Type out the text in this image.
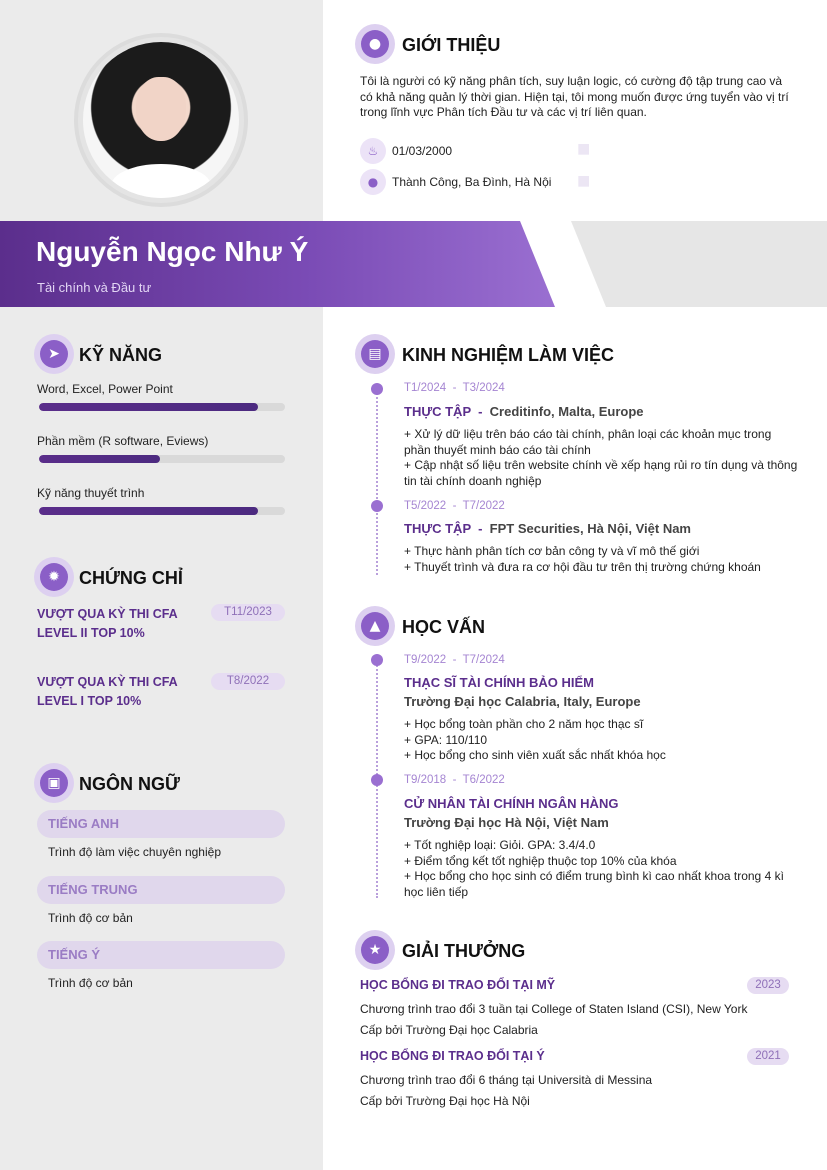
Nguyễn Ngọc Như Ý
Tài chính và Đầu tư
●	GIỚI THIỆU
Tôi là người có kỹ năng phân tích, suy luận logic, có cường độ tập trung cao và có khả năng quản lý thời gian. Hiện tại, tôi mong muốn được ứng tuyển vào vị trí trong lĩnh vực Phân tích Đầu tư và các vị trí liên quan.
♨	01/03/2000
●	Thành Công, Ba Đình, Hà Nội
■
■
➤	KỸ NĂNG
Word, Excel, Power Point
Phần mềm (R software, Eviews)
Kỹ năng thuyết trình
✹	CHỨNG CHỈ
VƯỢT QUA KỲ THI CFA LEVEL II TOP 10%
T11/2023
VƯỢT QUA KỲ THI CFA LEVEL I TOP 10%
T8/2022
▣	NGÔN NGỮ
TIẾNG ANH
Trình độ làm việc chuyên nghiệp
TIẾNG TRUNG
Trình độ cơ bản
TIẾNG Ý
Trình độ cơ bản
▤	KINH NGHIỆM LÀM VIỆC
T1/2024  -  T3/2024
THỰC TẬP  -  Creditinfo, Malta, Europe
+ Xử lý dữ liệu trên báo cáo tài chính, phân loại các khoản mục trong phần thuyết minh báo cáo tài chính
+ Cập nhật số liệu trên website chính về xếp hạng rủi ro tín dụng và thông tin tài chính doanh nghiệp
T5/2022  -  T7/2022
THỰC TẬP  -  FPT Securities, Hà Nội, Việt Nam
+ Thực hành phân tích cơ bản công ty và vĩ mô thế giới
+ Thuyết trình và đưa ra cơ hội đầu tư trên thị trường chứng khoán
▲	HỌC VẤN
T9/2022  -  T7/2024
THẠC SĨ TÀI CHÍNH BẢO HIỂM
Trường Đại học Calabria, Italy, Europe
+ Học bổng toàn phần cho 2 năm học thạc sĩ
+ GPA: 110/110
+ Học bổng cho sinh viên xuất sắc nhất khóa học
T9/2018  -  T6/2022
CỬ NHÂN TÀI CHÍNH NGÂN HÀNG
Trường Đại học Hà Nội, Việt Nam
+ Tốt nghiệp loại: Giỏi. GPA: 3.4/4.0
+ Điểm tổng kết tốt nghiệp thuộc top 10% của khóa
+ Học bổng cho học sinh có điểm trung bình kì cao nhất khoa trong 4 kì học liên tiếp
★	GIẢI THƯỞNG
HỌC BỔNG ĐI TRAO ĐỔI TẠI MỸ	2023
Chương trình trao đổi 3 tuần tại College of Staten Island (CSI), New York
Cấp bởi Trường Đại học Calabria
HỌC BỔNG ĐI TRAO ĐỔI TẠI Ý	2021
Chương trình trao đổi 6 tháng tại Università di Messina
Cấp bởi Trường Đại học Hà Nội
